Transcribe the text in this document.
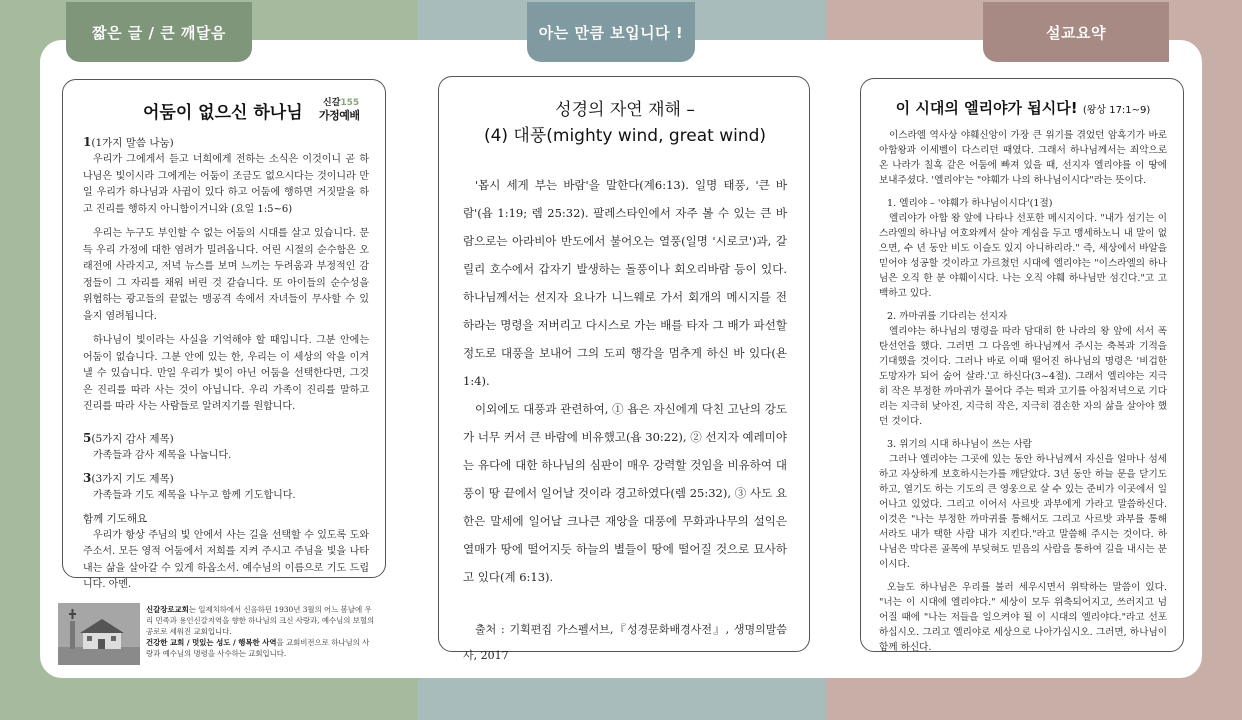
짧은 글 / 큰 깨달음	아는 만큼 보입니다 !	설교요약
어둠이 없으신 하나님 신갈155
가정예배
1(1가지 말씀 나눔)

우리가 그에게서 듣고 너희에게 전하는 소식은 이것이니 곧 하나님은 빛이시라 그에게는 어둠이 조금도 없으시다는 것이니라 만일 우리가 하나님과 사귐이 있다 하고 어둠에 행하면 거짓말을 하고 진리를 행하지 아니함이거니와 (요일 1:5~6)

우리는 누구도 부인할 수 없는 어둠의 시대를 살고 있습니다. 문득 우리 가정에 대한 염려가 밀려옵니다. 어린 시절의 순수함은 오래전에 사라지고, 저녁 뉴스를 보며 느끼는 두려움과 부정적인 감정들이 그 자리를 채워 버린 것 같습니다. 또 아이들의 순수성을 위협하는 광고들의 끝없는 맹공격 속에서 자녀들이 무사할 수 있을지 염려됩니다.

하나님이 빛이라는 사실을 기억해야 할 때입니다. 그분 안에는 어둠이 없습니다. 그분 안에 있는 한, 우리는 이 세상의 악을 이겨 낼 수 있습니다. 만일 우리가 빛이 아닌 어둠을 선택한다면, 그것은 진리를 따라 사는 것이 아닙니다. 우리 가족이 진리를 말하고 진리를 따라 사는 사람들로 알려지기를 원합니다.

5(5가지 감사 제목)

가족들과 감사 제목을 나눕니다.

3(3가지 기도 제목)

가족들과 기도 제목을 나누고 함께 기도합니다.

함께 기도해요

우리가 항상 주님의 빛 안에서 사는 길을 선택할 수 있도록 도와주소서. 모든 영적 어둠에서 저희를 지켜 주시고 주님을 빛을 나타내는 삶을 살아갈 수 있게 하옵소서. 예수님의 이름으로 기도 드립니다. 아멘.

신갈장로교회는 일제치하에서 신음하던 1930년 3월의 어느 봄날에 우리 민족과 용인신갈지역을 향한 하나님의 크신 사랑과, 예수님의 보혈의 공로로 세워진 교회입니다.
건강한 교회 / 멋있는 성도 / 행복한 사역을 교회비전으로 하나님의 사랑과 예수님의 명령을 사수하는 교회입니다.
성경의 자연 재해 –
(4) 대풍(mighty wind, great wind)

'몹시 세게 부는 바람'을 말한다(계6:13). 일명 태풍, '큰 바람'(욥 1:19; 렘 25:32). 팔레스타인에서 자주 볼 수 있는 큰 바람으로는 아라비아 반도에서 불어오는 열풍(일명 '시로코')과, 갈릴리 호수에서 갑자기 발생하는 돌풍이나 회오리바람 등이 있다. 하나님께서는 선지자 요나가 니느웨로 가서 회개의 메시지를 전하라는 명령을 저버리고 다시스로 가는 배를 타자 그 배가 파선할 정도로 대풍을 보내어 그의 도피 행각을 멈추게 하신 바 있다(욘1:4).

이외에도 대풍과 관련하여, ① 욥은 자신에게 닥친 고난의 강도가 너무 커서 큰 바람에 비유했고(욥 30:22), ② 선지자 예레미야는 유다에 대한 하나님의 심판이 매우 강력할 것임을 비유하여 대풍이 땅 끝에서 일어날 것이라 경고하였다(렘 25:32), ③ 사도 요한은 말세에 일어날 크나큰 재앙을 대풍에 무화과나무의 설익은 열매가 땅에 떨어지듯 하늘의 별들이 땅에 떨어질 것으로 묘사하고 있다(계 6:13).

출처 : 기획편집 가스펠서브,『성경문화배경사전』, 생명의말씀사, 2017

이 시대의 엘리야가 됩시다! (왕상 17:1~9)

이스라엘 역사상 야훼신앙이 가장 큰 위기를 겪었던 암흑기가 바로 아합왕과 이세벨이 다스리던 때였다. 그래서 하나님께서는 죄악으로 온 나라가 칠흑 같은 어둠에 빠져 있을 때, 선지자 엘리야를 이 땅에 보내주셨다. '엘리야'는 "야훼가 나의 하나님이시다"라는 뜻이다.

1. 엘리야 – '야훼가 하나님이시다'(1절)

엘리야가 아합 왕 앞에 나타나 선포한 메시지이다. "내가 섬기는 이스라엘의 하나님 여호와께서 살아 계심을 두고 맹세하노니 내 말이 없으면, 수 년 동안 비도 이슬도 있지 아니하리라." 즉, 세상에서 바알을 믿어야 성공할 것이라고 가르쳤던 시대에 엘리야는 "이스라엘의 하나님은 오직 한 분 야훼이시다. 나는 오직 야훼 하나님만 섬긴다."고 고백하고 있다.

2. 까마귀를 기다리는 선지자

엘리야는 하나님의 명령을 따라 담대히 한 나라의 왕 앞에 서서 폭탄선언을 했다. 그러면 그 다음엔 하나님께서 주시는 축복과 기적을 기대했을 것이다. 그러나 바로 이때 떨어진 하나님의 명령은 '비겁한 도망자가 되어 숨어 살라.'고 하신다(3~4절). 그래서 엘리야는 지극히 작은 부정한 까마귀가 물어다 주는 떡과 고기를 아침저녁으로 기다리는 지극히 낮아진, 지극히 작은, 지극히 겸손한 자의 삶을 살아야 했던 것이다.

3. 위기의 시대 하나님이 쓰는 사람

그러나 엘리야는 그곳에 있는 동안 하나님께서 자신을 얼마나 섬세하고 자상하게 보호하시는가를 깨닫았다. 3년 동안 하늘 문을 닫기도 하고, 열기도 하는 기도의 큰 영웅으로 살 수 있는 준비가 이곳에서 일어나고 있었다. 그리고 이어서 사르밧 과부에게 가라고 말씀하신다. 이것은 "나는 부정한 까마귀를 통해서도 그리고 사르밧 과부를 통해서라도 내가 택한 사람 내가 지킨다."라고 말씀해 주시는 것이다. 하나님은 막다른 골목에 부딪혀도 믿음의 사람을 통하여 길을 내시는 분이시다.

오늘도 하나님은 우리를 불러 세우시면서 위탁하는 말씀이 있다. "너는 이 시대에 엘리야다." 세상이 모두 위축되어지고, 쓰러지고 넘어질 때에 "나는 저들을 일으켜야 될 이 시대의 엘리야다."라고 선포하십시오. 그리고 엘리야로 세상으로 나아가십시오. 그러면, 하나님이 함께 하신다.
